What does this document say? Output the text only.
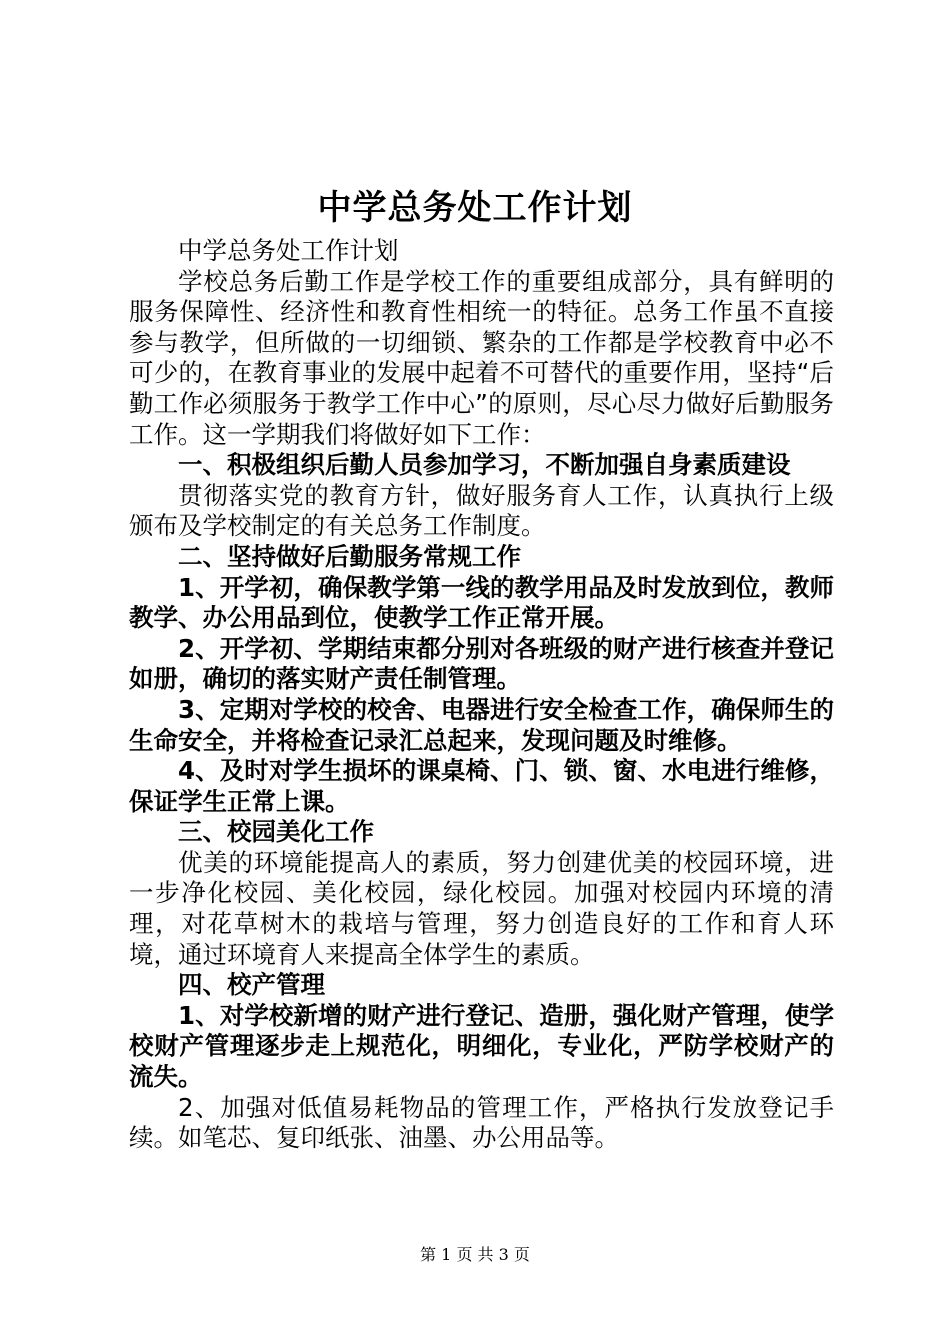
中学总务处工作计划

中学总务处工作计划

学校总务后勤工作是学校工作的重要组成部分，具有鲜明的服务保障性、经济性和教育性相统一的特征。总务工作虽不直接参与教学，但所做的一切细锁、繁杂的工作都是学校教育中必不可少的，在教育事业的发展中起着不可替代的重要作用，坚持“后勤工作必须服务于教学工作中心”的原则，尽心尽力做好后勤服务工作。这一学期我们将做好如下工作：

一、积极组织后勤人员参加学习，不断加强自身素质建设

贯彻落实党的教育方针，做好服务育人工作，认真执行上级颁布及学校制定的有关总务工作制度。

二、坚持做好后勤服务常规工作

1、开学初，确保教学第一线的教学用品及时发放到位，教师教学、办公用品到位，使教学工作正常开展。

2、开学初、学期结束都分别对各班级的财产进行核查并登记如册，确切的落实财产责任制管理。

3、定期对学校的校舍、电器进行安全检查工作，确保师生的生命安全，并将检查记录汇总起来，发现问题及时维修。

4、及时对学生损坏的课桌椅、门、锁、窗、水电进行维修，保证学生正常上课。

三、校园美化工作

优美的环境能提高人的素质，努力创建优美的校园环境，进一步净化校园、美化校园，绿化校园。加强对校园内环境的清理，对花草树木的栽培与管理，努力创造良好的工作和育人环境，通过环境育人来提高全体学生的素质。

四、校产管理

1、对学校新增的财产进行登记、造册，强化财产管理，使学校财产管理逐步走上规范化，明细化，专业化，严防学校财产的流失。

2、加强对低值易耗物品的管理工作，严格执行发放登记手续。如笔芯、复印纸张、油墨、办公用品等。

第 1 页 共 3 页
